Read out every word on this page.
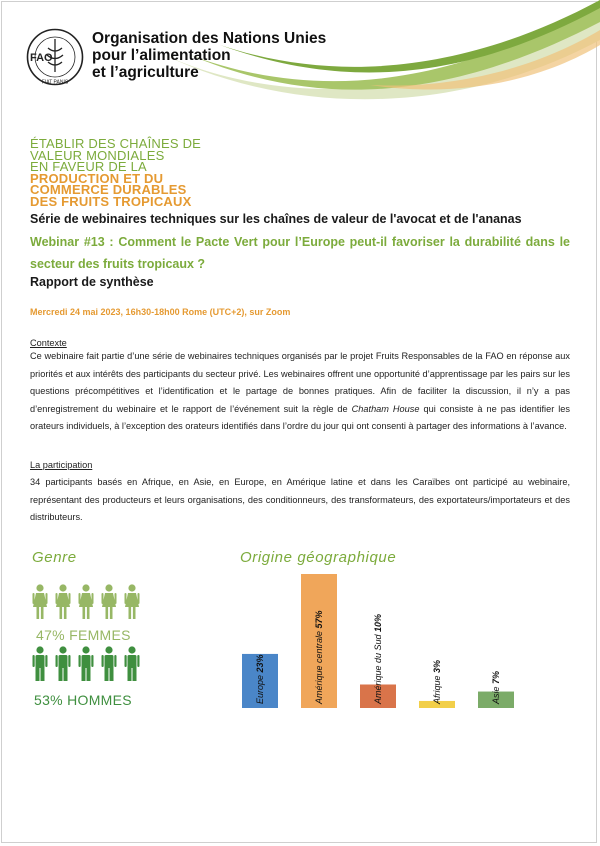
FAO
FIAT PANIS
Organisation des Nations Unies
pour l’alimentation
et l’agriculture
ÉTABLIR DES CHAÎNES DE
VALEUR MONDIALES
EN FAVEUR DE LA
PRODUCTION ET DU
COMMERCE DURABLES
DES FRUITS TROPICAUX
Série de webinaires techniques sur les chaînes de valeur de l'avocat et de l'ananas
Webinar #13 : Comment le Pacte Vert pour l’Europe peut-il favoriser la durabilité dans le secteur des fruits tropicaux ?
Rapport de synthèse
Mercredi 24 mai 2023, 16h30-18h00 Rome (UTC+2), sur Zoom
Contexte
Ce webinaire fait partie d’une série de webinaires techniques organisés par le projet Fruits Responsables de la FAO en réponse aux priorités et aux intérêts des participants du secteur privé. Les webinaires offrent une opportunité d’apprentissage par les pairs sur les questions précompétitives et l’identification et le partage de bonnes pratiques. Afin de faciliter la discussion, il n’y a pas d’enregistrement du webinaire et le rapport de l’événement suit la règle de Chatham House qui consiste à ne pas identifier les orateurs individuels, à l’exception des orateurs identifiés dans l’ordre du jour qui ont consenti à partager des informations à l’avance.
La participation
34 participants basés en Afrique, en Asie, en Europe, en Amérique latine et dans les Caraïbes ont participé au webinaire, représentant des producteurs et leurs organisations, des conditionneurs, des transformateurs, des exportateurs/importateurs et des distributeurs.
Genre
47% FEMMES
53% HOMMES
Origine géographique
Europe 23%	Amérique centrale 57%
Amérique du Sud 10%
Afrique 3%
Asie 7%
